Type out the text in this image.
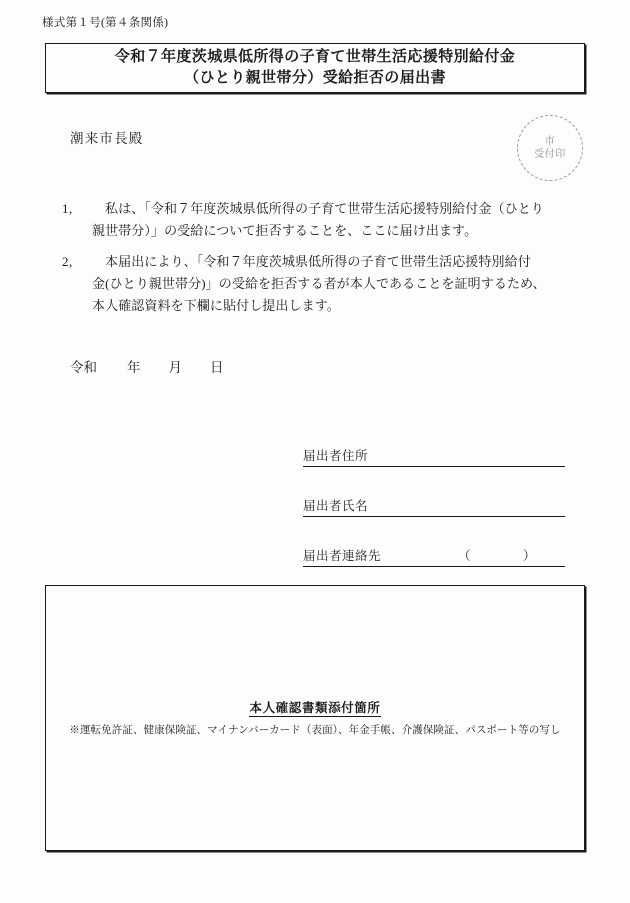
様式第１号(第４条関係)
令和７年度茨城県低所得の子育て世帯生活応援特別給付金
（ひとり親世帯分）受給拒否の届出書
潮来市長殿	市
受付印
1,	私は、「令和７年度茨城県低所得の子育て世帯生活応援特別給付金（ひとり
親世帯分）」の受給について拒否することを、ここに届け出ます。
2,	本届出により、「令和７年度茨城県低所得の子育て世帯生活応援特別給付
金(ひとり親世帯分)」の受給を拒否する者が本人であることを証明するため、
本人確認資料を下欄に貼付し提出します。
令和 年 月 日
届出者住所
届出者氏名
届出者連絡先	（　　　　）
本人確認書類添付箇所
※運転免許証、健康保険証、マイナンバーカード（表面）、年金手帳、介護保険証、パスポート等の写し
